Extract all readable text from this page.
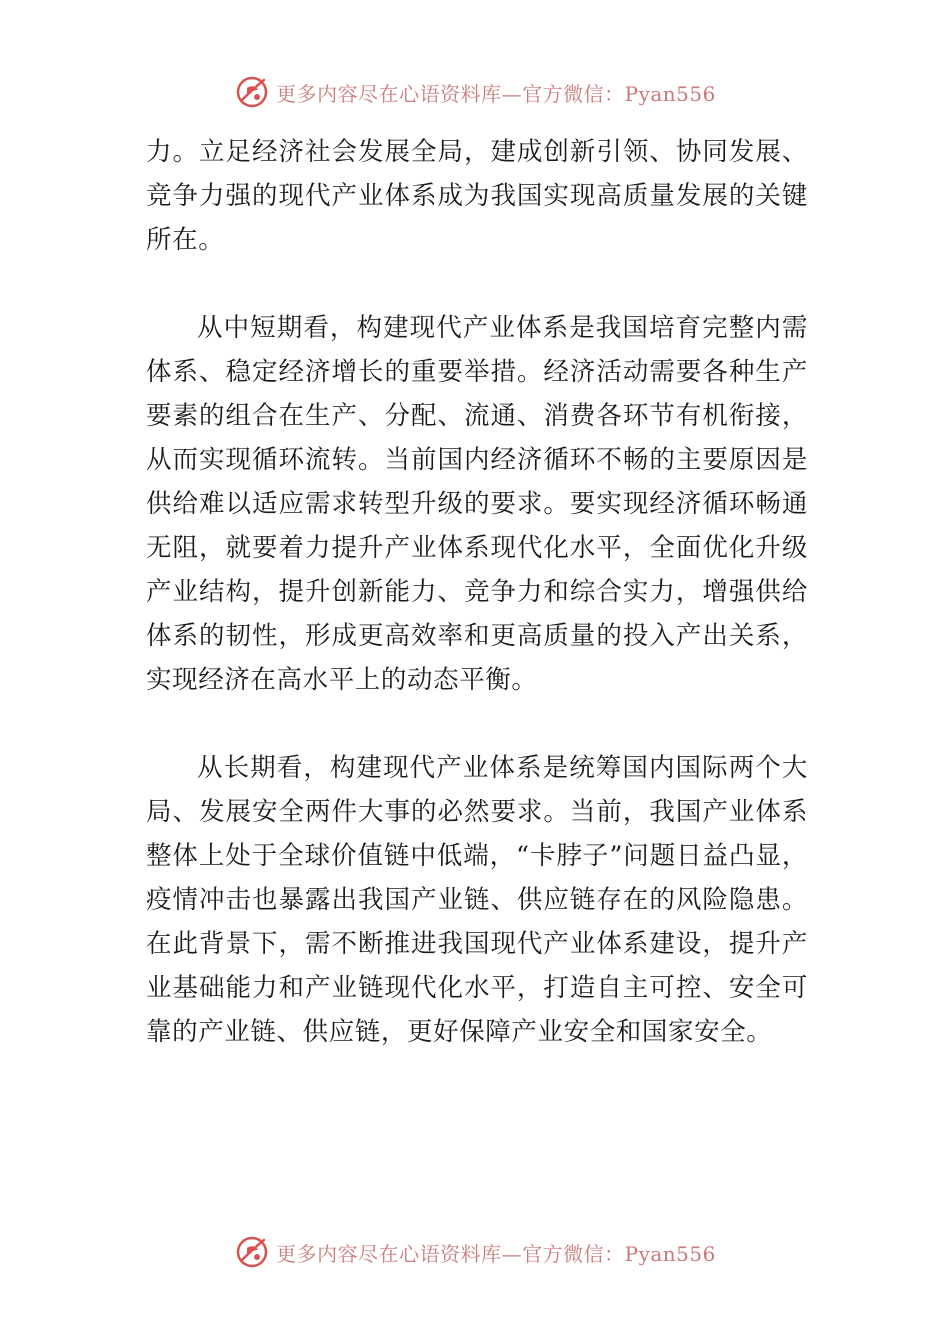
更多内容尽在心语资料库—官方微信：Pyan556

力。立足经济社会发展全局，建成创新引领、协同发展、竞争力强的现代产业体系成为我国实现高质量发展的关键所在。

从中短期看，构建现代产业体系是我国培育完整内需体系、稳定经济增长的重要举措。经济活动需要各种生产要素的组合在生产、分配、流通、消费各环节有机衔接，从而实现循环流转。当前国内经济循环不畅的主要原因是供给难以适应需求转型升级的要求。要实现经济循环畅通无阻，就要着力提升产业体系现代化水平，全面优化升级产业结构，提升创新能力、竞争力和综合实力，增强供给体系的韧性，形成更高效率和更高质量的投入产出关系，实现经济在高水平上的动态平衡。

从长期看，构建现代产业体系是统筹国内国际两个大局、发展安全两件大事的必然要求。当前，我国产业体系整体上处于全球价值链中低端，“卡脖子”问题日益凸显，疫情冲击也暴露出我国产业链、供应链存在的风险隐患。在此背景下，需不断推进我国现代产业体系建设，提升产业基础能力和产业链现代化水平，打造自主可控、安全可靠的产业链、供应链，更好保障产业安全和国家安全。

更多内容尽在心语资料库—官方微信：Pyan556
